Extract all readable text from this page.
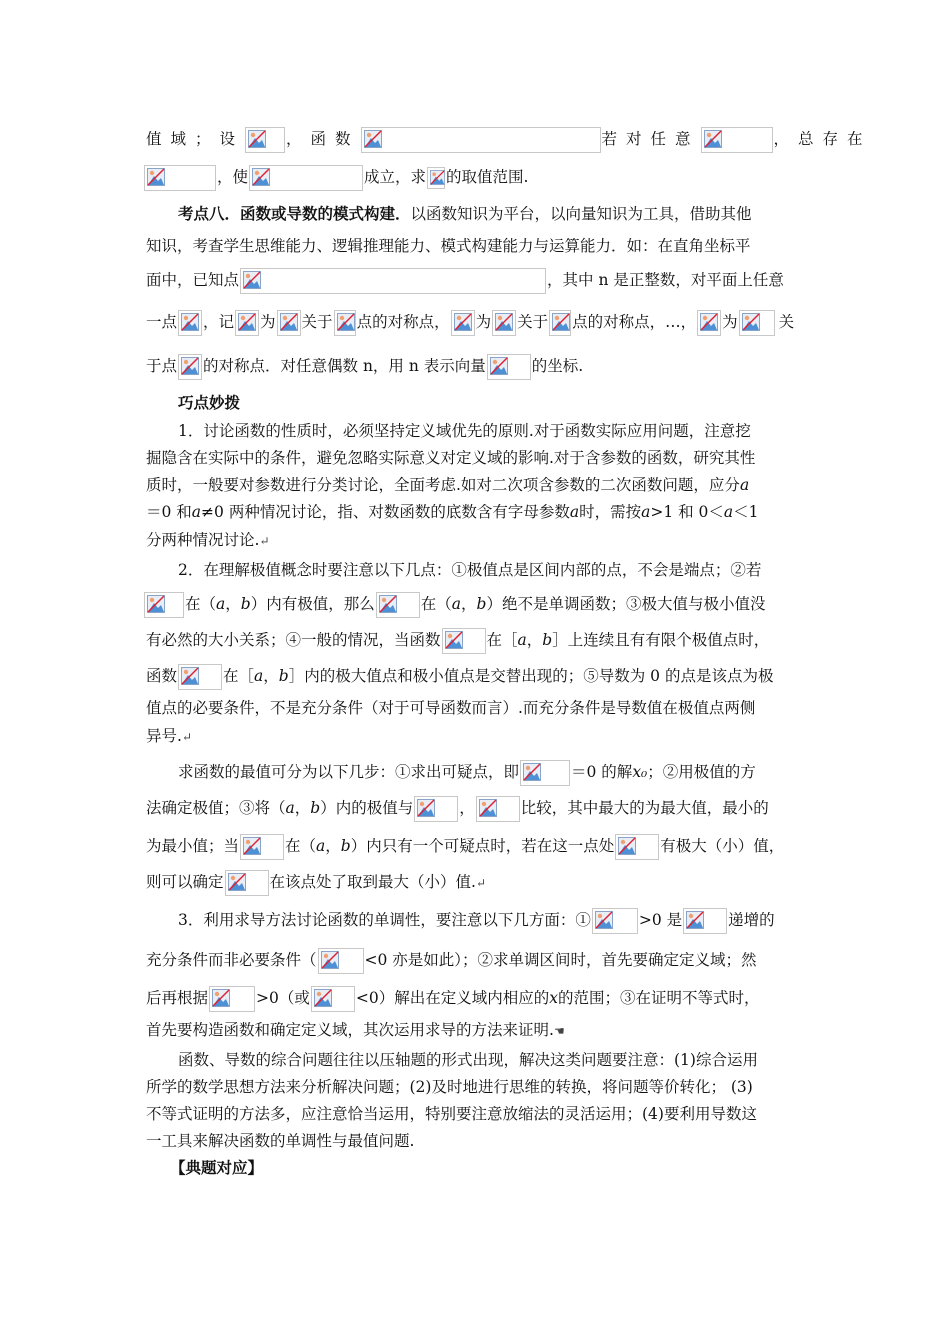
值域；设	，函数	若对任意	，总存在
，使	成立，求 的取值范围.
考点八．函数或导数的模式构建．以函数知识为平台，以向量知识为工具，借助其他
知识，考查学生思维能力、逻辑推理能力、模式构建能力与运算能力．如：在直角坐标平
面中，已知点	，其中 n 是正整数，对平面上任意
一点 ，记 为 关于 点的对称点， 为 关于 点的对称点，…， 为	关
于点 的对称点．对任意偶数 n，用 n 表示向量	的坐标.
巧点妙拨
1．讨论函数的性质时，必须坚持定义域优先的原则.对于函数实际应用问题，注意挖
掘隐含在实际中的条件，避免忽略实际意义对定义域的影响.对于含参数的函数，研究其性
质时，一般要对参数进行分类讨论，全面考虑.如对二次项含参数的二次函数问题，应分a
＝0 和a≠0 两种情况讨论，指、对数函数的底数含有字母参数a时，需按a>1 和 0＜a＜1
分两种情况讨论.↵
2．在理解极值概念时要注意以下几点：①极值点是区间内部的点，不会是端点；②若
在（a，b）内有极值，那么	在（a，b）绝不是单调函数；③极大值与极小值没
有必然的大小关系；④一般的情况，当函数	在［a，b］上连续且有有限个极值点时，
函数	在［a，b］内的极大值点和极小值点是交替出现的；⑤导数为 0 的点是该点为极
值点的必要条件，不是充分条件（对于可导函数而言）.而充分条件是导数值在极值点两侧
异号.↵
求函数的最值可分为以下几步：①求出可疑点，即	＝0 的解x₀；②用极值的方
法确定极值；③将（a，b）内的极值与	，	比较，其中最大的为最大值，最小的
为最小值；当	在（a，b）内只有一个可疑点时，若在这一点处	有极大（小）值，
则可以确定	在该点处了取到最大（小）值.↵
3．利用求导方法讨论函数的单调性，要注意以下几方面：①	>0 是	递增的
充分条件而非必要条件（	<0 亦是如此）；②求单调区间时，首先要确定定义域；然
后再根据	>0（或	<0）解出在定义域内相应的x的范围；③在证明不等式时，
首先要构造函数和确定定义域，其次运用求导的方法来证明.☚
函数、导数的综合问题往往以压轴题的形式出现，解决这类问题要注意：(1)综合运用
所学的数学思想方法来分析解决问题；(2)及时地进行思维的转换，将问题等价转化； (3)
不等式证明的方法多，应注意恰当运用，特别要注意放缩法的灵活运用；(4)要利用导数这
一工具来解决函数的单调性与最值问题.
【典题对应】
